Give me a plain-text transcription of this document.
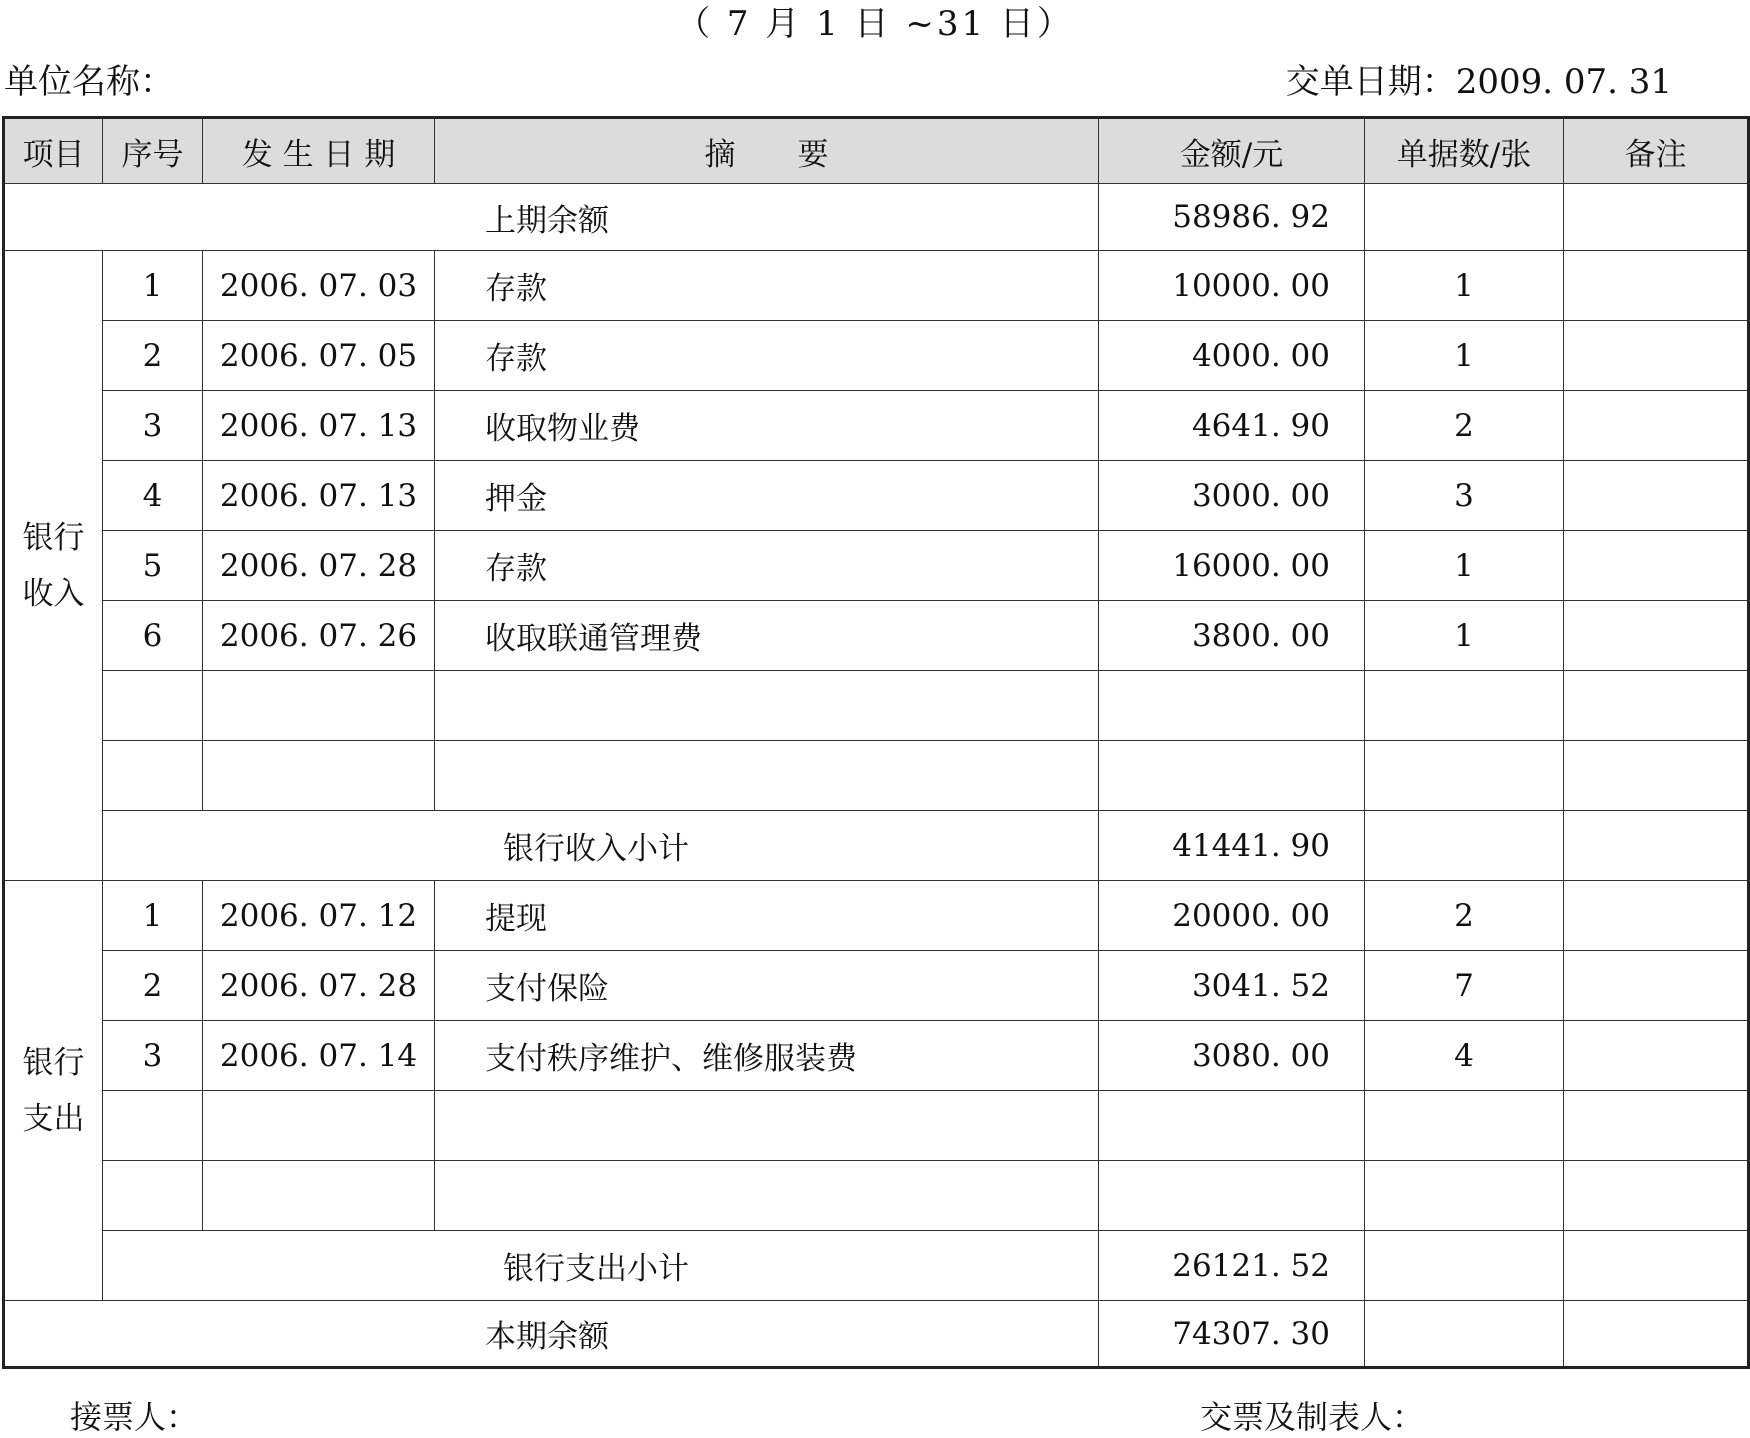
（ 7 月 1 日 ~31 日）
单位名称：	交单日期：2009. 07. 31
项目	序号	发 生 日 期	摘　　要	金额/元	单据数/张	备注
上期余额				58986. 92		
银行
收入	1	2006. 07. 03	存款	10000. 00	1	
	2	2006. 07. 05	存款	4000. 00	1	
	3	2006. 07. 13	收取物业费	4641. 90	2	
	4	2006. 07. 13	押金	3000. 00	3	
	5	2006. 07. 28	存款	16000. 00	1	
	6	2006. 07. 26	收取联通管理费	3800. 00	1	

	银行收入小计			41441. 90		
银行
支出	1	2006. 07. 12	提现	20000. 00	2	
	2	2006. 07. 28	支付保险	3041. 52	7	
	3	2006. 07. 14	支付秩序维护、维修服装费	3080. 00	4	

	银行支出小计			26121. 52		
本期余额				74307. 30		
接票人：	交票及制表人：
